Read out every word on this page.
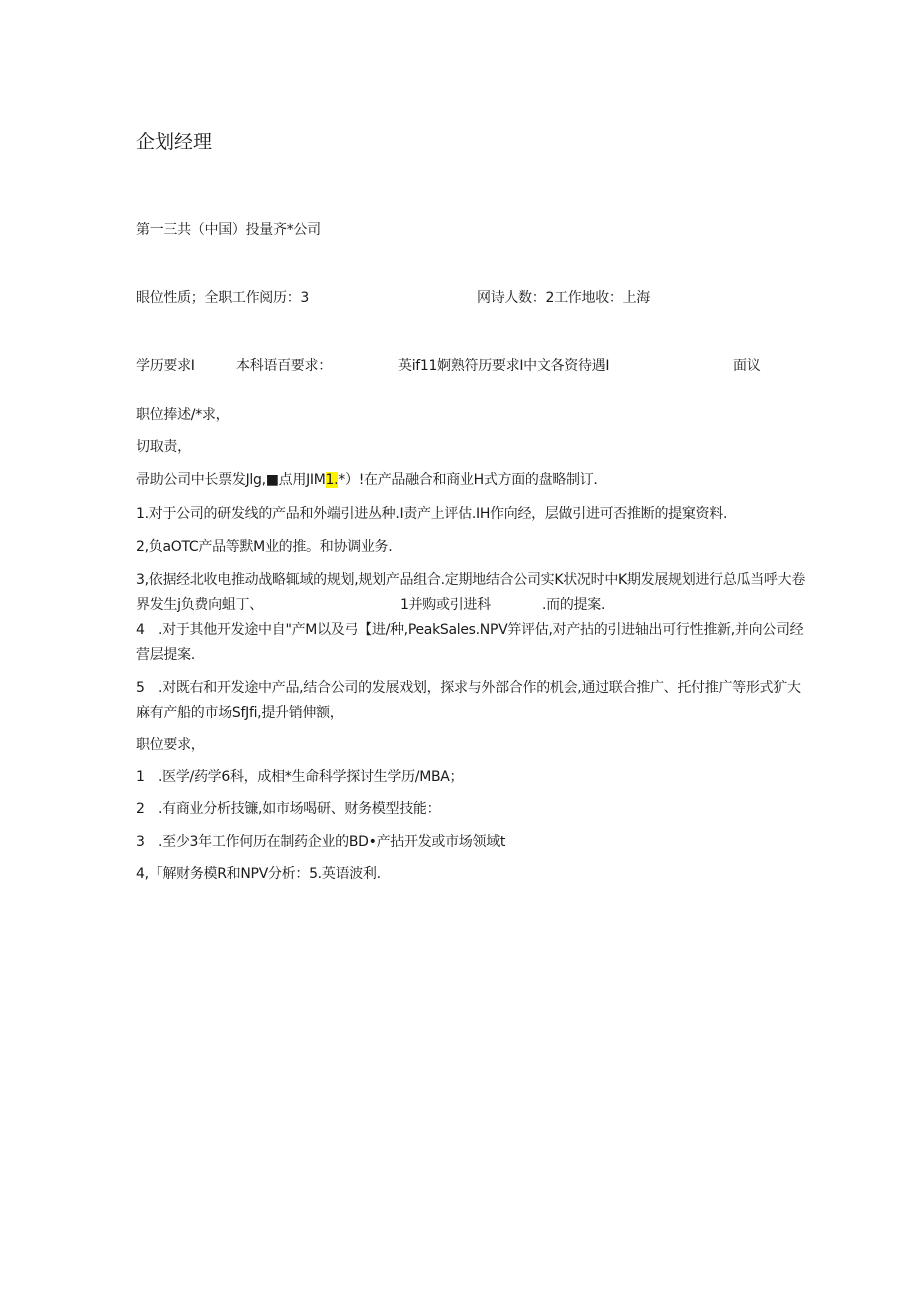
企划经理
第一三共（中国）投量齐*公司
眼位性质；全职工作阅历：3	网诗人数：2工作地收：上海
学历要求I	本科语百要求：	英if11婀熟符历要求I中文各资待遇I	面议
职位捧述/*求，
切取责，
帚助公司中长票发Jlg,■点用JIM1.*）!在产品融合和商业H式方面的盘略制订.
1.对于公司的研发线的产品和外端引进丛种.I责产上评估.IH作向经，层做引进可否推断的提窠资料.
2,负aOTC产品等默M业的推。和协调业务.
3,依据经北收电推动战略辄域的规划,规划产品组合.定期地结合公司实K状况时中K期发展规划进行总瓜当呼大卷
界发生j负费向蛆丁、	1并购或引进科	.而的提案.
4 .对于其他开发途中自"产M以及弓【进/种,PeakSales.NPV笄评估,对产拈的引进轴出可行性推新,并向公司经
营层提案.
5 .对既右和开发途中产品,结合公司的发展戏划，探求与外部合作的机会,通过联合推广、托付推广等形式犷大
麻有产船的市场SfJfi,提升销伸额，
职位要求，
1 .医学/药学6科，成相*生命科学探讨生学历/MBA；
2 .有商业分析技镰,如市场喝研、财务模型技能：
3 .至少3年工作何历在制药企业的BD•产拈开发或市场领域t
4,「解财务模R和NPV分析：5.英语波利.
